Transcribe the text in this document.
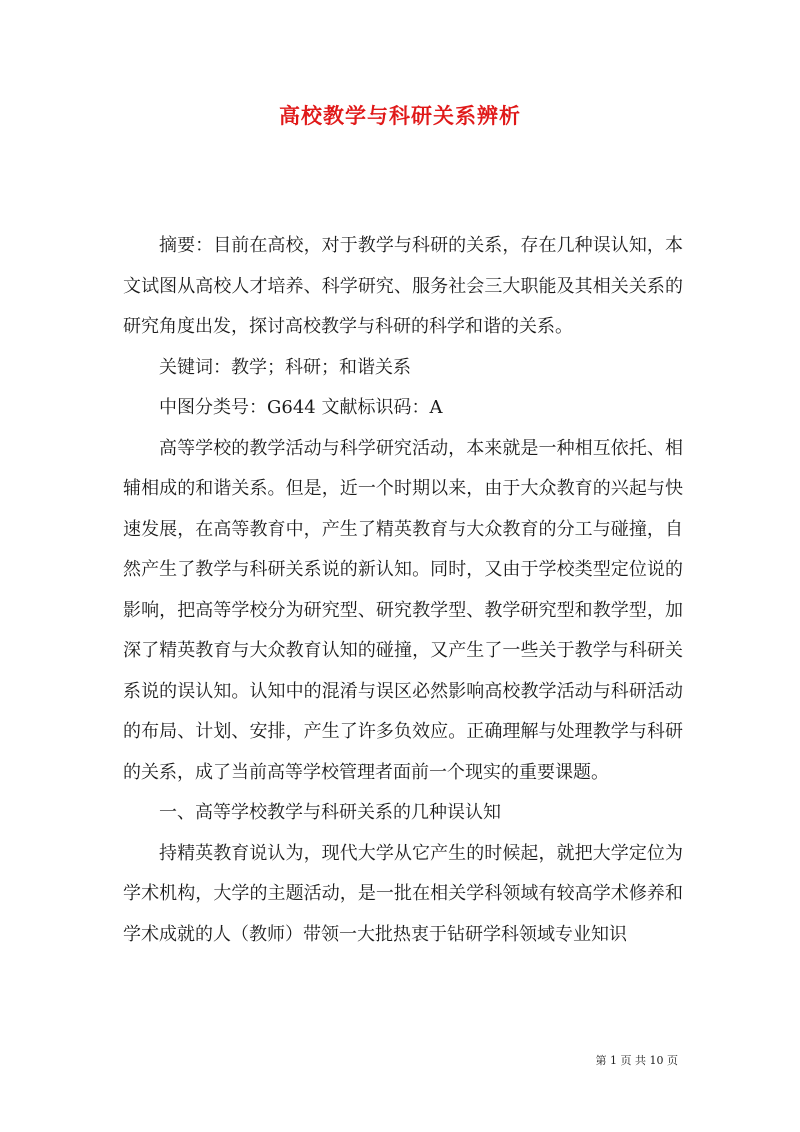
高校教学与科研关系辨析

摘要：目前在高校，对于教学与科研的关系，存在几种误认知，本文试图从高校人才培养、科学研究、服务社会三大职能及其相关关系的研究角度出发，探讨高校教学与科研的科学和谐的关系。

关键词：教学；科研；和谐关系

中图分类号：G644 文献标识码：A

高等学校的教学活动与科学研究活动，本来就是一种相互依托、相辅相成的和谐关系。但是，近一个时期以来，由于大众教育的兴起与快速发展，在高等教育中，产生了精英教育与大众教育的分工与碰撞，自然产生了教学与科研关系说的新认知。同时，又由于学校类型定位说的影响，把高等学校分为研究型、研究教学型、教学研究型和教学型，加深了精英教育与大众教育认知的碰撞，又产生了一些关于教学与科研关系说的误认知。认知中的混淆与误区必然影响高校教学活动与科研活动的布局、计划、安排，产生了许多负效应。正确理解与处理教学与科研的关系，成了当前高等学校管理者面前一个现实的重要课题。

一、高等学校教学与科研关系的几种误认知

持精英教育说认为，现代大学从它产生的时候起，就把大学定位为学术机构，大学的主题活动，是一批在相关学科领域有较高学术修养和学术成就的人（教师）带领一大批热衷于钻研学科领域专业知识

第 1 页 共 10 页
